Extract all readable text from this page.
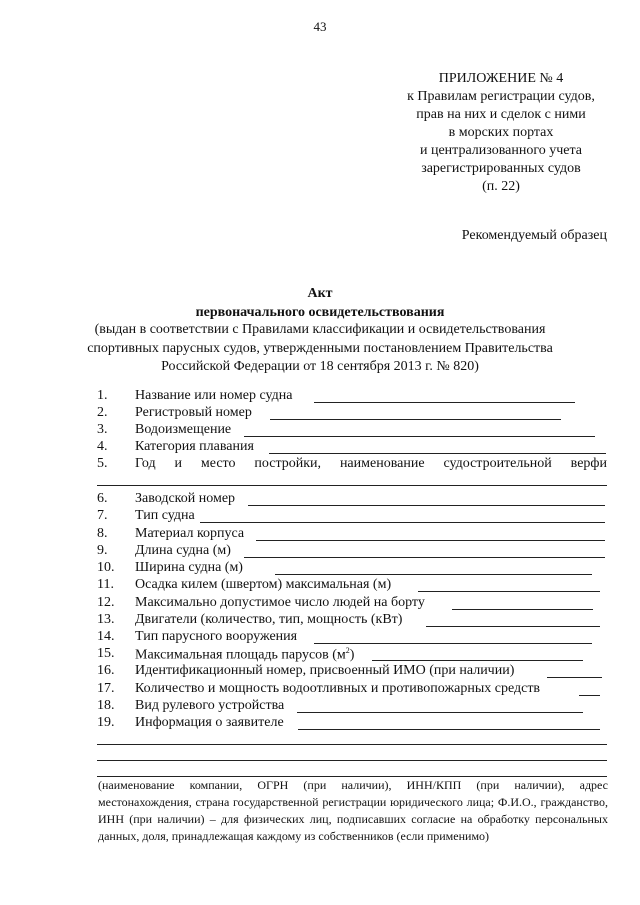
43
ПРИЛОЖЕНИЕ № 4
к Правилам регистрации судов,
прав на них и сделок с ними
в морских портах
и централизованного учета
зарегистрированных судов
(п. 22)
Рекомендуемый образец
Акт
первоначального освидетельствования
(выдан в соответствии с Правилами классификации и освидетельствования
спортивных парусных судов, утвержденными постановлением Правительства
Российской Федерации от 18 сентября 2013 г. № 820)
1. Название или номер судна
2. Регистровый номер
3. Водоизмещение
4. Категория плавания
5. Год и место постройки, наименование судостроительной верфи
6. Заводской номер
7. Тип судна
8. Материал корпуса
9. Длина судна (м)
10. Ширина судна (м)
11. Осадка килем (швертом) максимальная (м)
12. Максимально допустимое число людей на борту
13. Двигатели (количество, тип, мощность (кВт)
14. Тип парусного вооружения
15. Максимальная площадь парусов $(м^2)$
16. Идентификационный номер, присвоенный ИМО (при наличии)
17. Количество и мощность водоотливных и противопожарных средств
18. Вид рулевого устройства
19. Информация о заявителе
(наименование компании, ОГРН (при наличии), ИНН/КПП (при наличии), адрес
местонахождения, страна государственной регистрации юридического лица; Ф.И.О., гражданство,
ИНН (при наличии) – для физических лиц, подписавших согласие на обработку персональных
данных, доля, принадлежащая каждому из собственников (если применимо)
